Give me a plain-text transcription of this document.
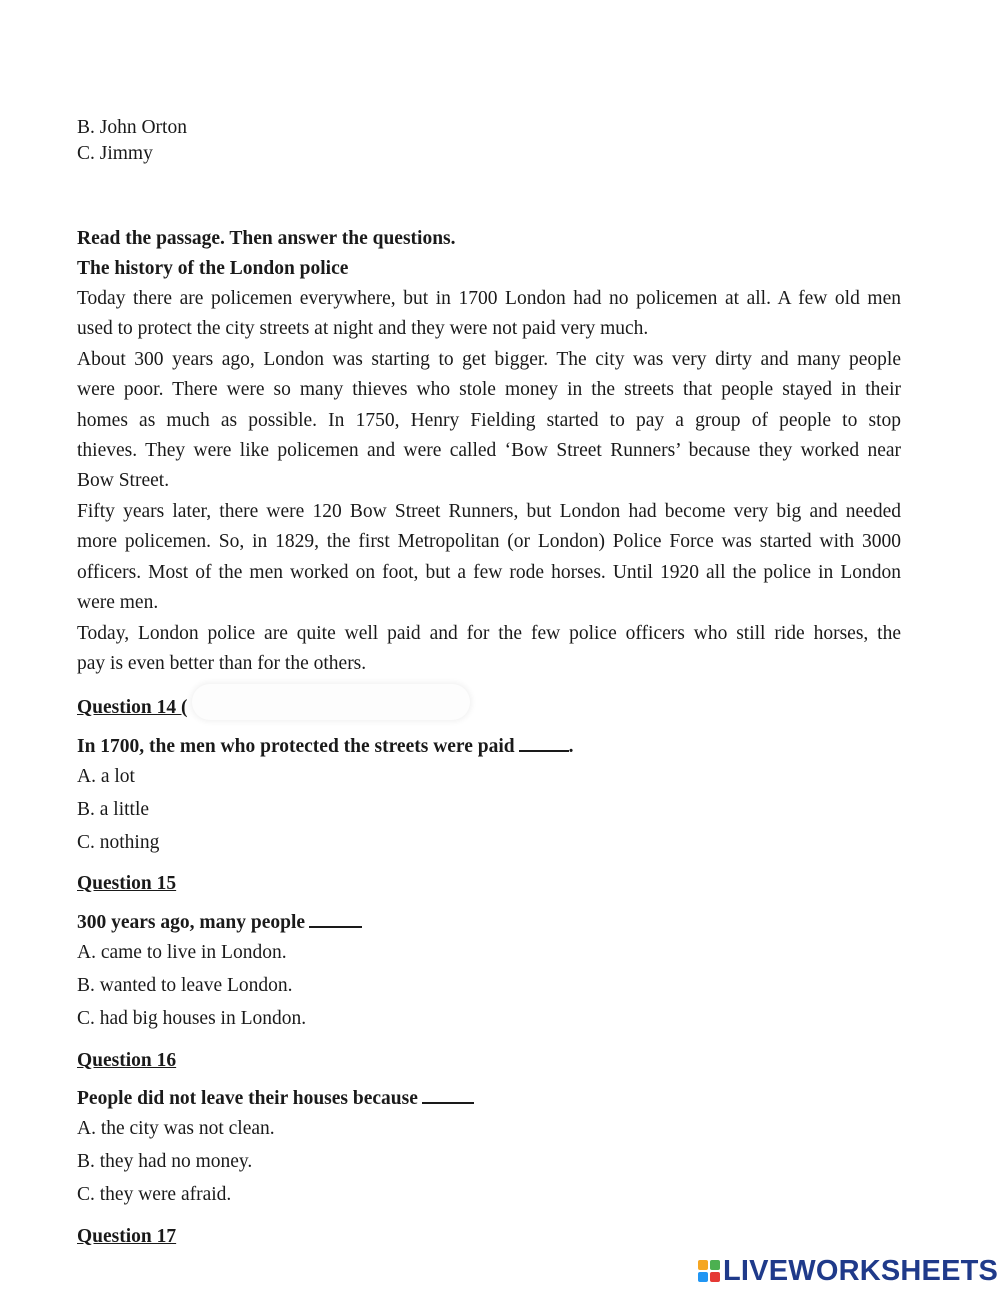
B. John Orton
C. Jimmy
Read the passage. Then answer the questions.
The history of the London police
Today there are policemen everywhere, but in 1700 London had no policemen at all. A few old men
used to protect the city streets at night and they were not paid very much.
About 300 years ago, London was starting to get bigger. The city was very dirty and many people
were poor. There were so many thieves who stole money in the streets that people stayed in their
homes as much as possible. In 1750, Henry Fielding started to pay a group of people to stop
thieves. They were like policemen and were called ‘Bow Street Runners’ because they worked near
Bow Street.
Fifty years later, there were 120 Bow Street Runners, but London had become very big and needed
more policemen. So, in 1829, the first Metropolitan (or London) Police Force was started with 3000
officers. Most of the men worked on foot, but a few rode horses. Until 1920 all the police in London
were men.
Today, London police are quite well paid and for the few police officers who still ride horses, the
pay is even better than for the others.
Question 14 (
In 1700, the men who protected the streets were paid	.
A. a lot
B. a little
C. nothing
Question 15
300 years ago, many people
A. came to live in London.
B. wanted to leave London.
C. had big houses in London.
Question 16
People did not leave their houses because
A. the city was not clean.
B. they had no money.
C. they were afraid.
Question 17
LIVEWORKSHEETS
